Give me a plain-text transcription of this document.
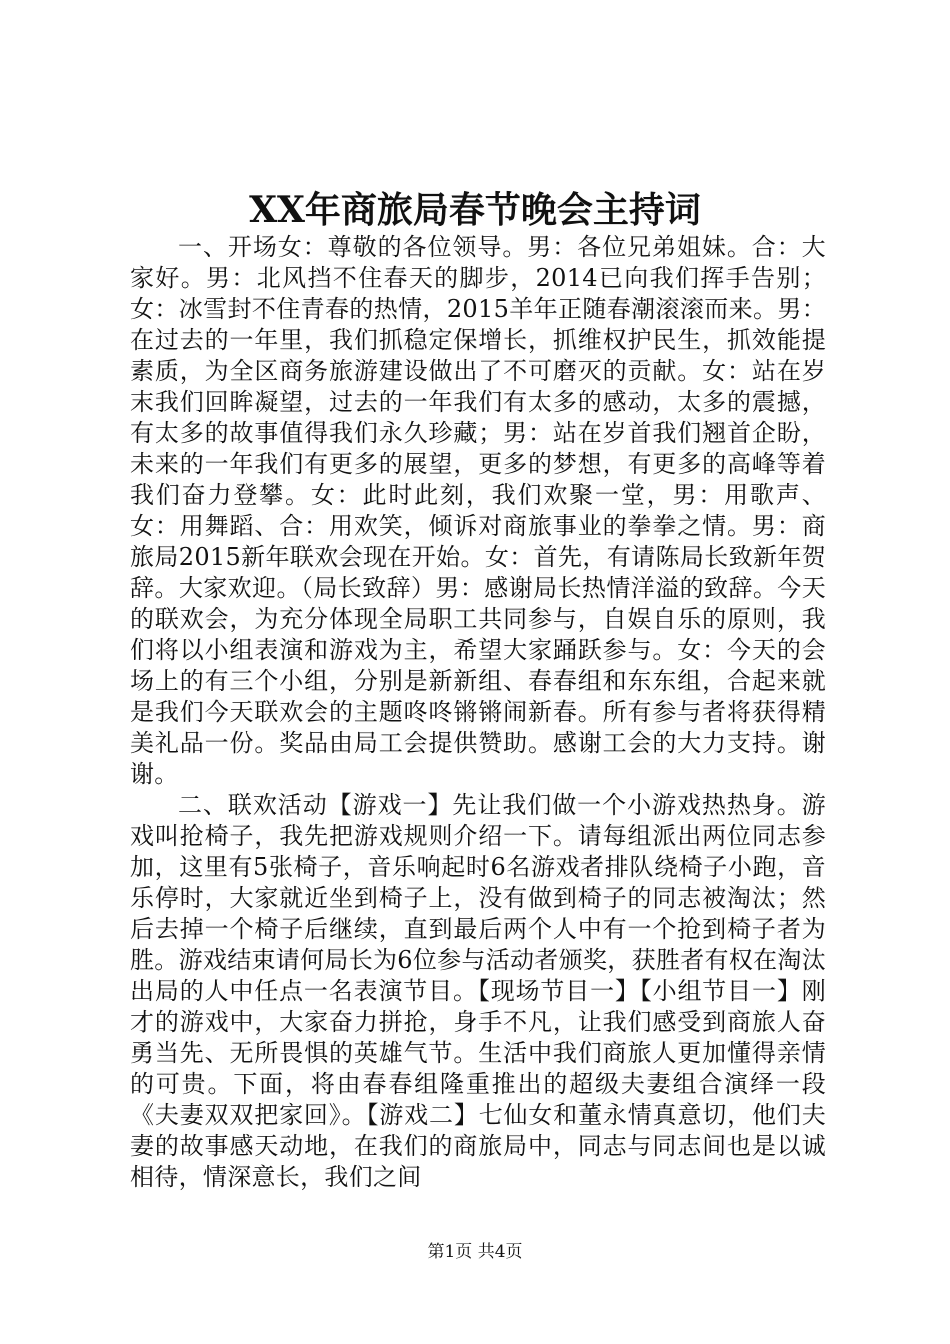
XX年商旅局春节晚会主持词

一、开场女：尊敬的各位领导。男：各位兄弟姐妹。合：大家好。男：北风挡不住春天的脚步，2014已向我们挥手告别；女：冰雪封不住青春的热情，2015羊年正随春潮滚滚而来。男：在过去的一年里，我们抓稳定保增长，抓维权护民生，抓效能提素质，为全区商务旅游建设做出了不可磨灭的贡献。女：站在岁末我们回眸凝望，过去的一年我们有太多的感动，太多的震撼，有太多的故事值得我们永久珍藏；男：站在岁首我们翘首企盼，未来的一年我们有更多的展望，更多的梦想，有更多的高峰等着我们奋力登攀。女：此时此刻，我们欢聚一堂，男：用歌声、女：用舞蹈、合：用欢笑，倾诉对商旅事业的拳拳之情。男：商旅局2015新年联欢会现在开始。女：首先，有请陈局长致新年贺辞。大家欢迎。（局长致辞）男：感谢局长热情洋溢的致辞。今天的联欢会，为充分体现全局职工共同参与，自娱自乐的原则，我们将以小组表演和游戏为主，希望大家踊跃参与。女：今天的会场上的有三个小组，分别是新新组、春春组和东东组，合起来就是我们今天联欢会的主题咚咚锵锵闹新春。所有参与者将获得精美礼品一份。奖品由局工会提供赞助。感谢工会的大力支持。谢谢。

二、联欢活动【游戏一】先让我们做一个小游戏热热身。游戏叫抢椅子，我先把游戏规则介绍一下。请每组派出两位同志参加，这里有5张椅子，音乐响起时6名游戏者排队绕椅子小跑，音乐停时，大家就近坐到椅子上，没有做到椅子的同志被淘汰；然后去掉一个椅子后继续，直到最后两个人中有一个抢到椅子者为胜。游戏结束请何局长为6位参与活动者颁奖，获胜者有权在淘汰出局的人中任点一名表演节目。【现场节目一】【小组节目一】刚才的游戏中，大家奋力拼抢，身手不凡，让我们感受到商旅人奋勇当先、无所畏惧的英雄气节。生活中我们商旅人更加懂得亲情的可贵。下面，将由春春组隆重推出的超级夫妻组合演绎一段《夫妻双双把家回》。【游戏二】七仙女和董永情真意切，他们夫妻的故事感天动地，在我们的商旅局中，同志与同志间也是以诚相待，情深意长，我们之间

第1页 共4页
